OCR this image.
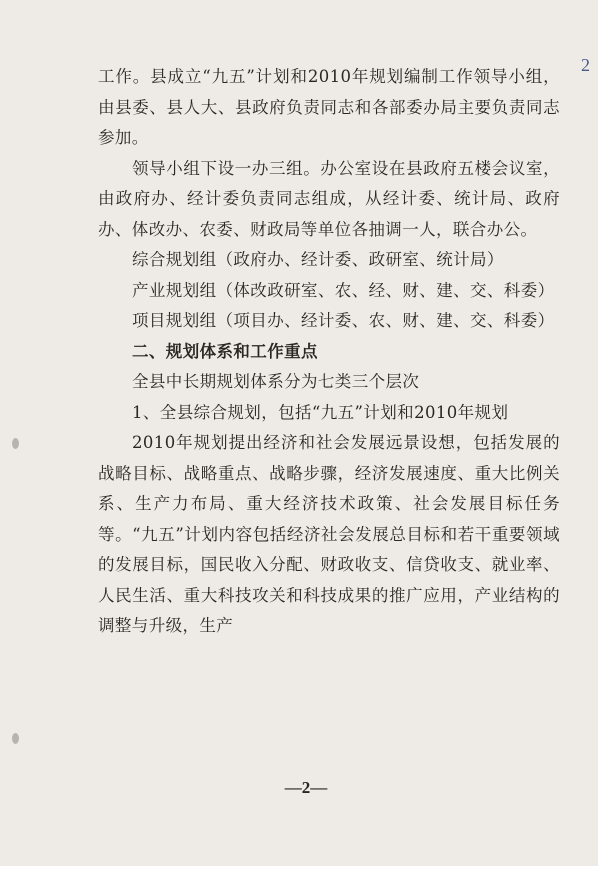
2

工作。县成立“九五”计划和2010年规划编制工作领导小组，由县委、县人大、县政府负责同志和各部委办局主要负责同志参加。

领导小组下设一办三组。办公室设在县政府五楼会议室，由政府办、经计委负责同志组成，从经计委、统计局、政府办、体改办、农委、财政局等单位各抽调一人，联合办公。

综合规划组（政府办、经计委、政研室、统计局）

产业规划组（体改政研室、农、经、财、建、交、科委）

项目规划组（项目办、经计委、农、财、建、交、科委）

二、规划体系和工作重点

全县中长期规划体系分为七类三个层次

1、全县综合规划，包括“九五”计划和2010年规划

2010年规划提出经济和社会发展远景设想，包括发展的战略目标、战略重点、战略步骤，经济发展速度、重大比例关系、生产力布局、重大经济技术政策、社会发展目标任务等。“九五”计划内容包括经济社会发展总目标和若干重要领域的发展目标，国民收入分配、财政收支、信贷收支、就业率、人民生活、重大科技攻关和科技成果的推广应用，产业结构的调整与升级，生产

—2—
